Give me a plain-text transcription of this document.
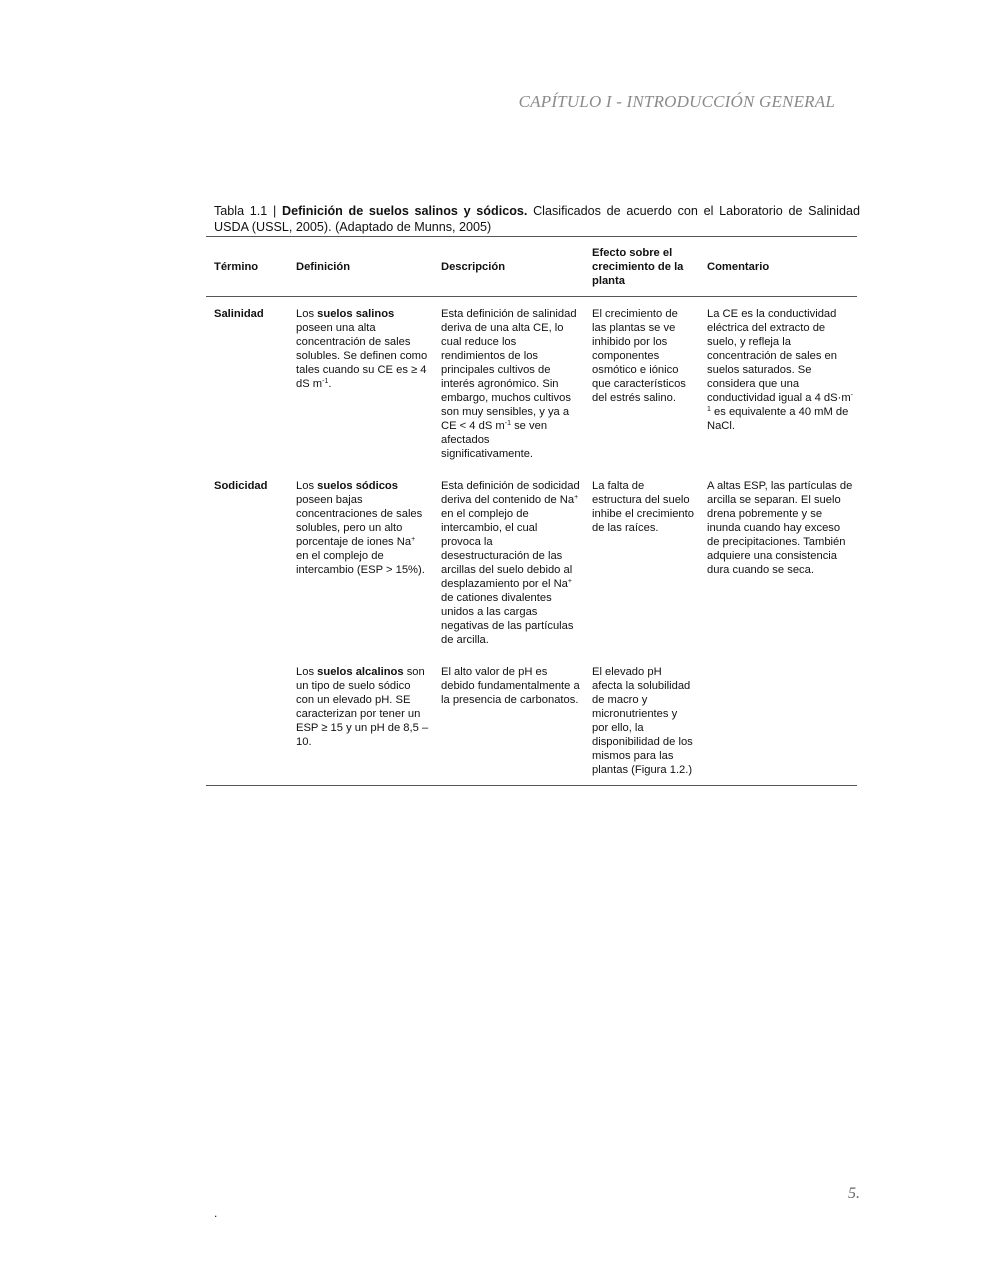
CAPÍTULO I - INTRODUCCIÓN GENERAL
Tabla 1.1 | Definición de suelos salinos y sódicos. Clasificados de acuerdo con el Laboratorio de Salinidad USDA (USSL, 2005). (Adaptado de Munns, 2005)
Término	Definición	Descripción	Efecto sobre el crecimiento de la planta	Comentario
Salinidad	Los suelos salinos poseen una alta concentración de sales solubles. Se definen como tales cuando su CE es ≥ 4 dS $m^{-1}$.	Esta definición de salinidad deriva de una alta CE, lo cual reduce los rendimientos de los principales cultivos de interés agronómico. Sin embargo, muchos cultivos son muy sensibles, y ya a CE < 4 dS $m^{-1}$ se ven afectados significativamente.	El crecimiento de las plantas se ve inhibido por los componentes osmótico e iónico que característicos del estrés salino.	La CE es la conductividad eléctrica del extracto de suelo, y refleja la concentración de sales en suelos saturados. Se considera que una conductividad igual a 4 $dS\cdot m^{-1}$ es equivalente a 40 mM de NaCl.
Sodicidad	Los suelos sódicos poseen bajas concentraciones de sales solubles, pero un alto porcentaje de iones Na+ en el complejo de intercambio (ESP > 15%).	Esta definición de sodicidad deriva del contenido de Na+ en el complejo de intercambio, el cual provoca la desestructuración de las arcillas del suelo debido al desplazamiento por el Na+ de cationes divalentes unidos a las cargas negativas de las partículas de arcilla.	La falta de estructura del suelo inhibe el crecimiento de las raíces.	A altas ESP, las partículas de arcilla se separan. El suelo drena pobremente y se inunda cuando hay exceso de precipitaciones. También adquiere una consistencia dura cuando se seca.
	Los suelos alcalinos son un tipo de suelo sódico con un elevado pH. SE caracterizan por tener un ESP ≥ 15 y un pH de 8,5 – 10.	El alto valor de pH es debido fundamentalmente a la presencia de carbonatos.	El elevado pH afecta la solubilidad de macro y micronutrientes y por ello, la disponibilidad de los mismos para las plantas (Figura 1.2.)	
5.
.
